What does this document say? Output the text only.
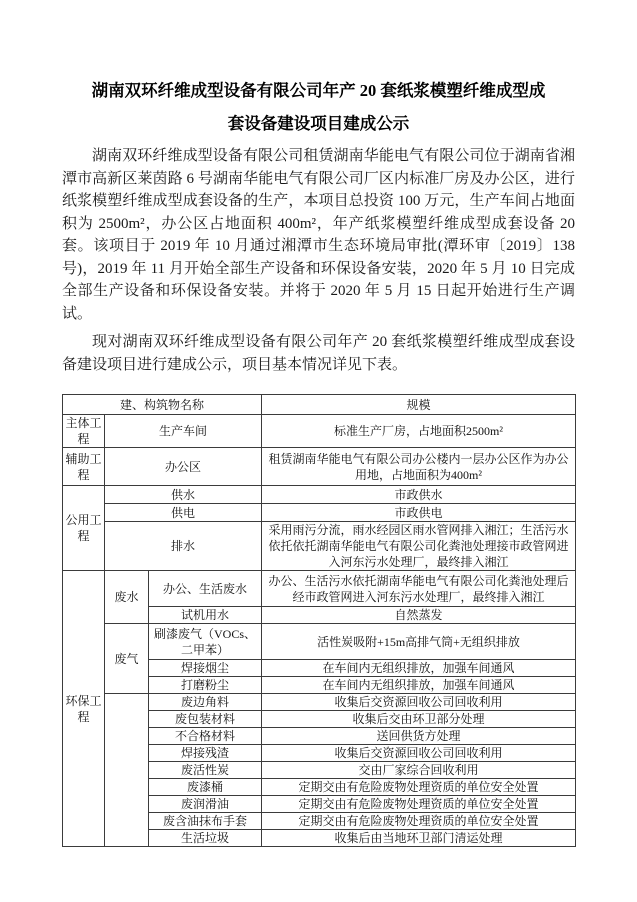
湖南双环纤维成型设备有限公司年产 20 套纸浆模塑纤维成型成
套设备建设项目建成公示

湖南双环纤维成型设备有限公司租赁湖南华能电气有限公司位于湖南省湘潭市高新区莱茵路 6 号湖南华能电气有限公司厂区内标准厂房及办公区，进行纸浆模塑纤维成型成套设备的生产，本项目总投资 100 万元，生产车间占地面积为 2500m²，办公区占地面积 400m²，年产纸浆模塑纤维成型成套设备 20 套。该项目于 2019 年 10 月通过湘潭市生态环境局审批(潭环审〔2019〕138 号)，2019 年 11 月开始全部生产设备和环保设备安装，2020 年 5 月 10 日完成全部生产设备和环保设备安装。并将于 2020 年 5 月 15 日起开始进行生产调试。

现对湖南双环纤维成型设备有限公司年产 20 套纸浆模塑纤维成型成套设备建设项目进行建成公示，项目基本情况详见下表。

建、构筑物名称			规模
主体工程	生产车间		标准生产厂房，占地面积2500m²
辅助工程	办公区		租赁湖南华能电气有限公司办公楼内一层办公区作为办公用地，占地面积为400m²
公用工程	供水		市政供水
	供电		市政供电
	排水		采用雨污分流，雨水经园区雨水管网排入湘江；生活污水依托依托湖南华能电气有限公司化粪池处理接市政管网进入河东污水处理厂，最终排入湘江
环保工程	废水	办公、生活废水	办公、生活污水依托湖南华能电气有限公司化粪池处理后经市政管网进入河东污水处理厂，最终排入湘江
		试机用水	自然蒸发
	废气	刷漆废气（VOCs、二甲苯）	活性炭吸附+15m高排气筒+无组织排放
		焊接烟尘	在车间内无组织排放，加强车间通风
		打磨粉尘	在车间内无组织排放，加强车间通风
		废边角料	收集后交资源回收公司回收利用
		废包装材料	收集后交由环卫部分处理
		不合格材料	送回供货方处理
		焊接残渣	收集后交资源回收公司回收利用
		废活性炭	交由厂家综合回收利用
		废漆桶	定期交由有危险废物处理资质的单位安全处置
		废润滑油	定期交由有危险废物处理资质的单位安全处置
		废含油抹布手套	定期交由有危险废物处理资质的单位安全处置
		生活垃圾	收集后由当地环卫部门清运处理
